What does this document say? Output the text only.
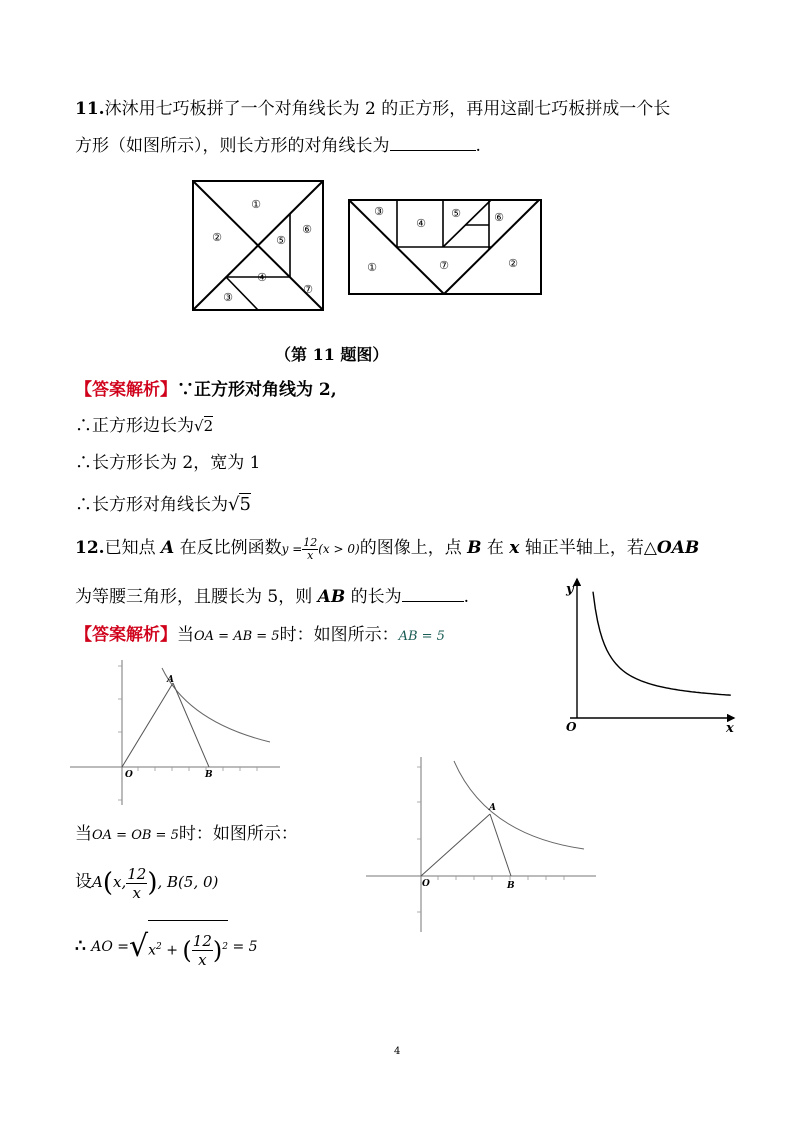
11.沐沐用七巧板拼了一个对角线长为 2 的正方形，再用这副七巧板拼成一个长
方形（如图所示），则长方形的对角线长为	.
①
②
③
④
⑤
⑥
⑦
③
④
⑤	⑥
①	⑦	②
（第 11 题图）
【答案解析】∵正方形对角线为 2,
∴正方形边长为√2
∴长方形长为 2，宽为 1
∴长方形对角线长为√5
12.已知点 A 在反比例函数$y = \frac{12}{x} (x > 0)$的图像上，点 B 在 x 轴正半轴上，若△OAB
为等腰三角形，且腰长为 5，则 AB 的长为	.	y
x
O
【答案解析】当OA = AB = 5时：如图所示：AB = 5
A
O	B
A
O	B
当OA = OB = 5时：如图所示：
设A(x, $\frac{12}{x}$ ), B(5, 0)
∴ AO $=√x^2$ + ( $\frac{12}{x} )^2 = 5$
4
